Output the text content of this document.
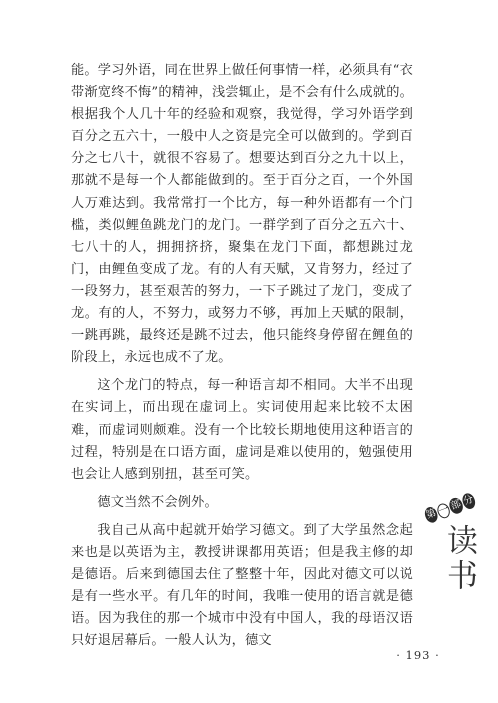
能。学习外语，同在世界上做任何事情一样，必须具有“衣带渐宽终不悔”的精神，浅尝辄止，是不会有什么成就的。根据我个人几十年的经验和观察，我觉得，学习外语学到百分之五六十，一般中人之资是完全可以做到的。学到百分之七八十，就很不容易了。想要达到百分之九十以上，那就不是每一个人都能做到的。至于百分之百，一个外国人万难达到。我常常打一个比方，每一种外语都有一个门槛，类似鲤鱼跳龙门的龙门。一群学到了百分之五六十、七八十的人，拥拥挤挤，聚集在龙门下面，都想跳过龙门，由鲤鱼变成了龙。有的人有天赋，又肯努力，经过了一段努力，甚至艰苦的努力，一下子跳过了龙门，变成了龙。有的人，不努力，或努力不够，再加上天赋的限制，一跳再跳，最终还是跳不过去，他只能终身停留在鲤鱼的阶段上，永远也成不了龙。

这个龙门的特点，每一种语言却不相同。大半不出现在实词上，而出现在虚词上。实词使用起来比较不太困难，而虚词则颇难。没有一个比较长期地使用这种语言的过程，特别是在口语方面，虚词是难以使用的，勉强使用也会让人感到别扭，甚至可笑。

德文当然不会例外。

我自己从高中起就开始学习德文。到了大学虽然念起来也是以英语为主，教授讲课都用英语；但是我主修的却是德语。后来到德国去住了整整十年，因此对德文可以说是有一些水平。有几年的时间，我唯一使用的语言就是德语。因为我住的那一个城市中没有中国人，我的母语汉语只好退居幕后。一般人认为，德文

第 一 部 分
读书
· 193 ·
